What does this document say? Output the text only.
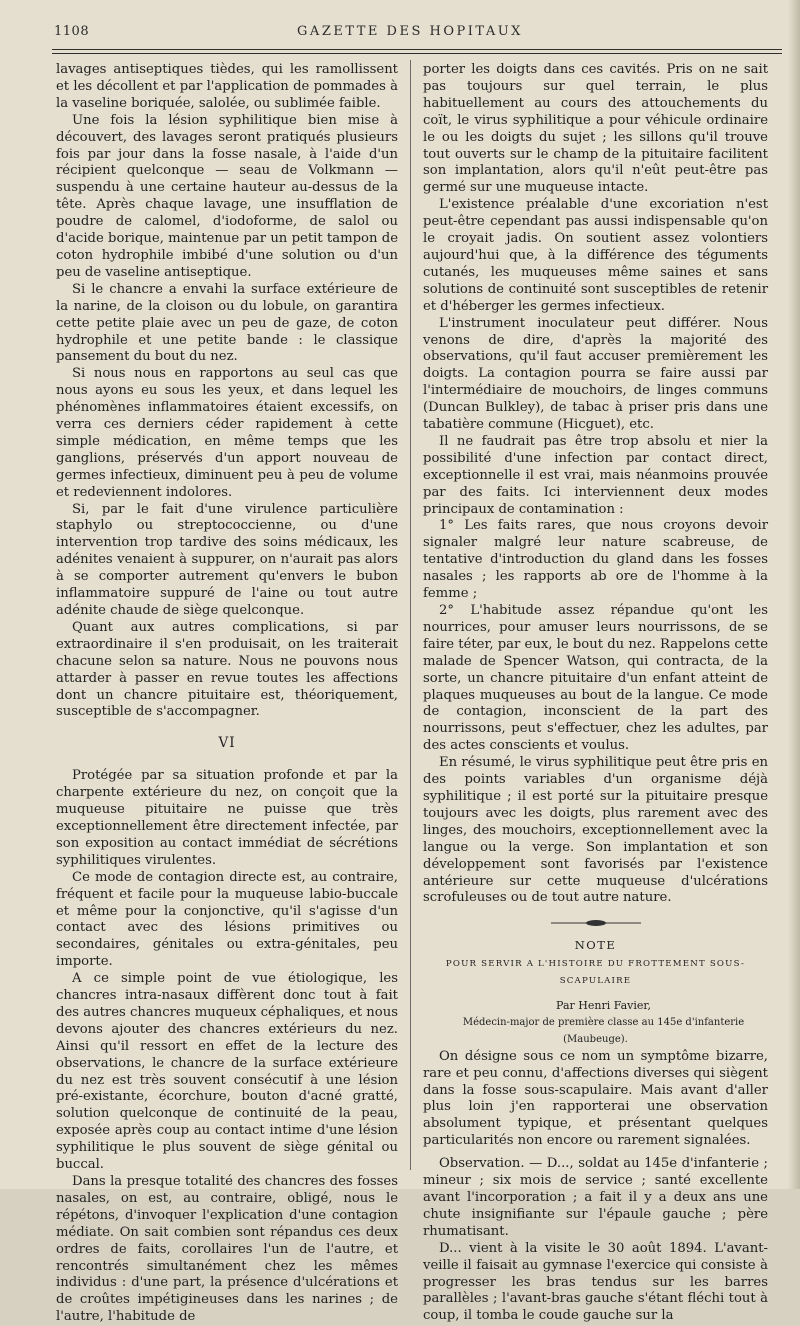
1108	GAZETTE DES HOPITAUX

lavages antiseptiques tièdes, qui les ramollissent et les décollent et par l'application de pommades à la vaseline boriquée, salolée, ou sublimée faible.

Une fois la lésion syphilitique bien mise à découvert, des lavages seront pratiqués plusieurs fois par jour dans la fosse nasale, à l'aide d'un récipient quelconque — seau de Volkmann — suspendu à une certaine hauteur au-dessus de la tête. Après chaque lavage, une insufflation de poudre de calomel, d'iodoforme, de salol ou d'acide borique, maintenue par un petit tampon de coton hydrophile imbibé d'une solution ou d'un peu de vaseline antiseptique.

Si le chancre a envahi la surface extérieure de la narine, de la cloison ou du lobule, on garantira cette petite plaie avec un peu de gaze, de coton hydrophile et une petite bande : le classique pansement du bout du nez.

Si nous nous en rapportons au seul cas que nous ayons eu sous les yeux, et dans lequel les phénomènes inflammatoires étaient excessifs, on verra ces derniers céder rapidement à cette simple médication, en même temps que les ganglions, préservés d'un apport nouveau de germes infectieux, diminuent peu à peu de volume et redeviennent indolores.

Si, par le fait d'une virulence particulière staphylo ou streptococcienne, ou d'une intervention trop tardive des soins médicaux, les adénites venaient à suppurer, on n'aurait pas alors à se comporter autrement qu'envers le bubon inflammatoire suppuré de l'aine ou tout autre adénite chaude de siège quelconque.

Quant aux autres complications, si par extraordinaire il s'en produisait, on les traiterait chacune selon sa nature. Nous ne pouvons nous attarder à passer en revue toutes les affections dont un chancre pituitaire est, théoriquement, susceptible de s'accompagner.

VI

Protégée par sa situation profonde et par la charpente extérieure du nez, on conçoit que la muqueuse pituitaire ne puisse que très exceptionnellement être directement infectée, par son exposition au contact immédiat de sécrétions syphilitiques virulentes.

Ce mode de contagion directe est, au contraire, fréquent et facile pour la muqueuse labio-buccale et même pour la conjonctive, qu'il s'agisse d'un contact avec des lésions primitives ou secondaires, génitales ou extra-génitales, peu importe.

A ce simple point de vue étiologique, les chancres intra-nasaux diffèrent donc tout à fait des autres chancres muqueux céphaliques, et nous devons ajouter des chancres extérieurs du nez. Ainsi qu'il ressort en effet de la lecture des observations, le chancre de la surface extérieure du nez est très souvent consécutif à une lésion pré-existante, écorchure, bouton d'acné gratté, solution quelconque de continuité de la peau, exposée après coup au contact intime d'une lésion syphilitique le plus souvent de siège génital ou buccal.

Dans la presque totalité des chancres des fosses nasales, on est, au contraire, obligé, nous le répétons, d'invoquer l'explication d'une contagion médiate. On sait combien sont répandus ces deux ordres de faits, corollaires l'un de l'autre, et rencontrés simultanément chez les mêmes individus : d'une part, la présence d'ulcérations et de croûtes impétigineuses dans les narines ; de l'autre, l'habitude de

porter les doigts dans ces cavités. Pris on ne sait pas toujours sur quel terrain, le plus habituellement au cours des attouchements du coït, le virus syphilitique a pour véhicule ordinaire le ou les doigts du sujet ; les sillons qu'il trouve tout ouverts sur le champ de la pituitaire facilitent son implantation, alors qu'il n'eût peut-être pas germé sur une muqueuse intacte.

L'existence préalable d'une excoriation n'est peut-être cependant pas aussi indispensable qu'on le croyait jadis. On soutient assez volontiers aujourd'hui que, à la différence des téguments cutanés, les muqueuses même saines et sans solutions de continuité sont susceptibles de retenir et d'héberger les germes infectieux.

L'instrument inoculateur peut différer. Nous venons de dire, d'après la majorité des observations, qu'il faut accuser premièrement les doigts. La contagion pourra se faire aussi par l'intermédiaire de mouchoirs, de linges communs (Duncan Bulkley), de tabac à priser pris dans une tabatière commune (Hicguet), etc.

Il ne faudrait pas être trop absolu et nier la possibilité d'une infection par contact direct, exceptionnelle il est vrai, mais néanmoins prouvée par des faits. Ici interviennent deux modes principaux de contamination :

1° Les faits rares, que nous croyons devoir signaler malgré leur nature scabreuse, de tentative d'introduction du gland dans les fosses nasales ; les rapports ab ore de l'homme à la femme ;

2° L'habitude assez répandue qu'ont les nourrices, pour amuser leurs nourrissons, de se faire téter, par eux, le bout du nez. Rappelons cette malade de Spencer Watson, qui contracta, de la sorte, un chancre pituitaire d'un enfant atteint de plaques muqueuses au bout de la langue. Ce mode de contagion, inconscient de la part des nourrissons, peut s'effectuer, chez les adultes, par des actes conscients et voulus.

En résumé, le virus syphilitique peut être pris en des points variables d'un organisme déjà syphilitique ; il est porté sur la pituitaire presque toujours avec les doigts, plus rarement avec des linges, des mouchoirs, exceptionnellement avec la langue ou la verge. Son implantation et son développement sont favorisés par l'existence antérieure sur cette muqueuse d'ulcérations scrofuleuses ou de tout autre nature.

NOTE
POUR SERVIR A L'HISTOIRE DU FROTTEMENT SOUS-SCAPULAIRE

Par Henri Favier,

Médecin-major de première classe au 145e d'infanterie (Maubeuge).

On désigne sous ce nom un symptôme bizarre, rare et peu connu, d'affections diverses qui siègent dans la fosse sous-scapulaire. Mais avant d'aller plus loin j'en rapporterai une observation absolument typique, et présentant quelques particularités non encore ou rarement signalées.

Observation. — D..., soldat au 145e d'infanterie ; mineur ; six mois de service ; santé excellente avant l'incorporation ; a fait il y a deux ans une chute insignifiante sur l'épaule gauche ; père rhumatisant.

D... vient à la visite le 30 août 1894. L'avant-veille il faisait au gymnase l'exercice qui consiste à progresser les bras tendus sur les barres parallèles ; l'avant-bras gauche s'étant fléchi tout à coup, il tomba le coude gauche sur la
